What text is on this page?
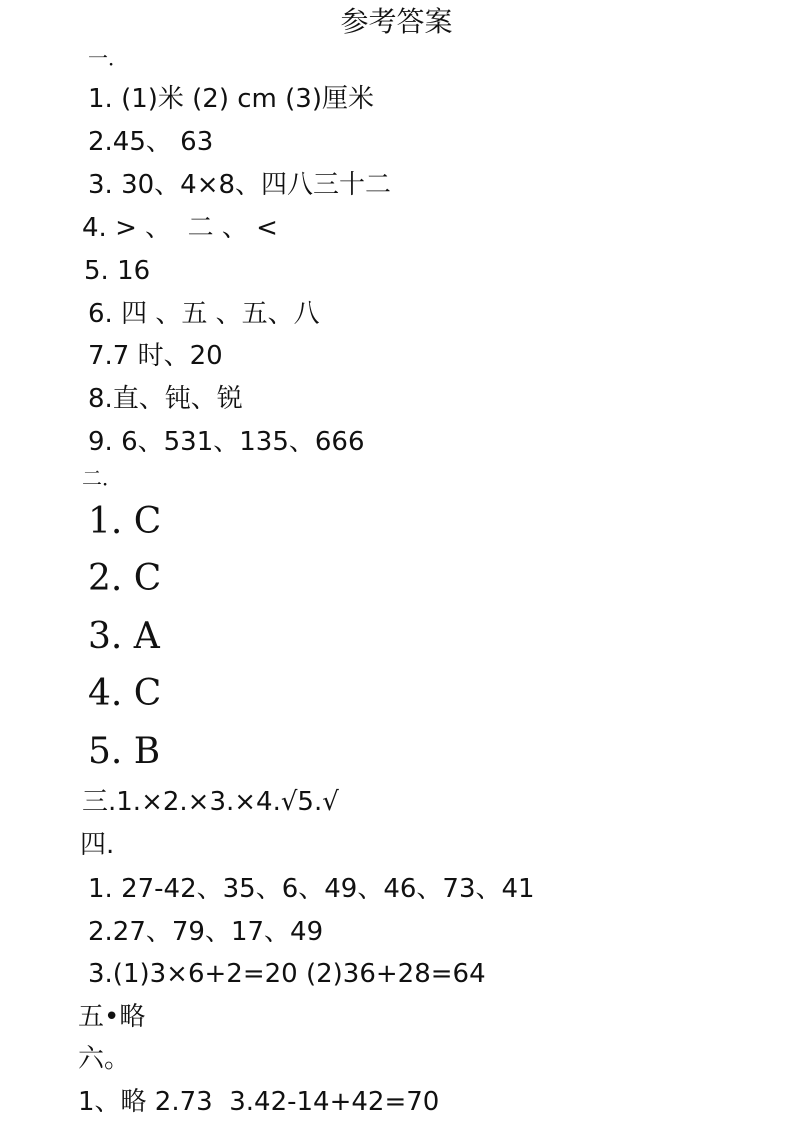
参考答案
一．
1. (1)米 (2) cm (3)厘米
2.45、 63
3. 30、4×8、四八三十二
4. > 、  二 、 <
5. 16
6. 四 、五 、五、八
7.7 时、20
8.直、钝、锐
9. 6、531、135、666
二．
1. C
2. C
3. A
4. C
5. B
三.1.×2.×3.×4.√5.√
四.
1. 27-42、35、6、49、46、73、41
2.27、79、17、49
3.(1)3×6+2=20 (2)36+28=64
五•略
六。
1、略 2.73  3.42-14+42=70
